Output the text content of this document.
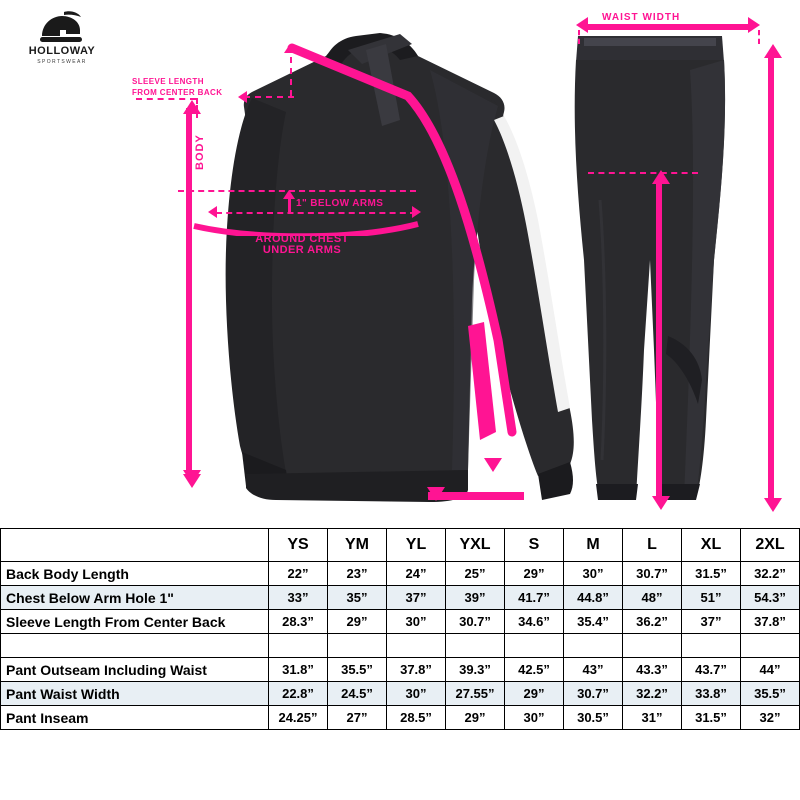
HOLLOWAY
SPORTSWEAR
SLEEVE LENGTH
FROM CENTER BACK
BODY
1" BELOW ARMS
AROUND CHEST
UNDER ARMS
WAIST WIDTH
	YS	YM	YL	YXL	S	M	L	XL	2XL
Back Body Length	22”	23”	24”	25”	29”	30”	30.7”	31.5”	32.2”
Chest Below Arm Hole 1"	33”	35”	37”	39”	41.7”	44.8”	48”	51”	54.3”
Sleeve Length From Center Back	28.3”	29”	30”	30.7”	34.6”	35.4”	36.2”	37”	37.8”

Pant Outseam Including Waist	31.8”	35.5”	37.8”	39.3”	42.5”	43”	43.3”	43.7”	44”
Pant Waist Width	22.8”	24.5”	30”	27.55”	29”	30.7”	32.2”	33.8”	35.5”
Pant Inseam	24.25”	27”	28.5”	29”	30”	30.5”	31”	31.5”	32”
